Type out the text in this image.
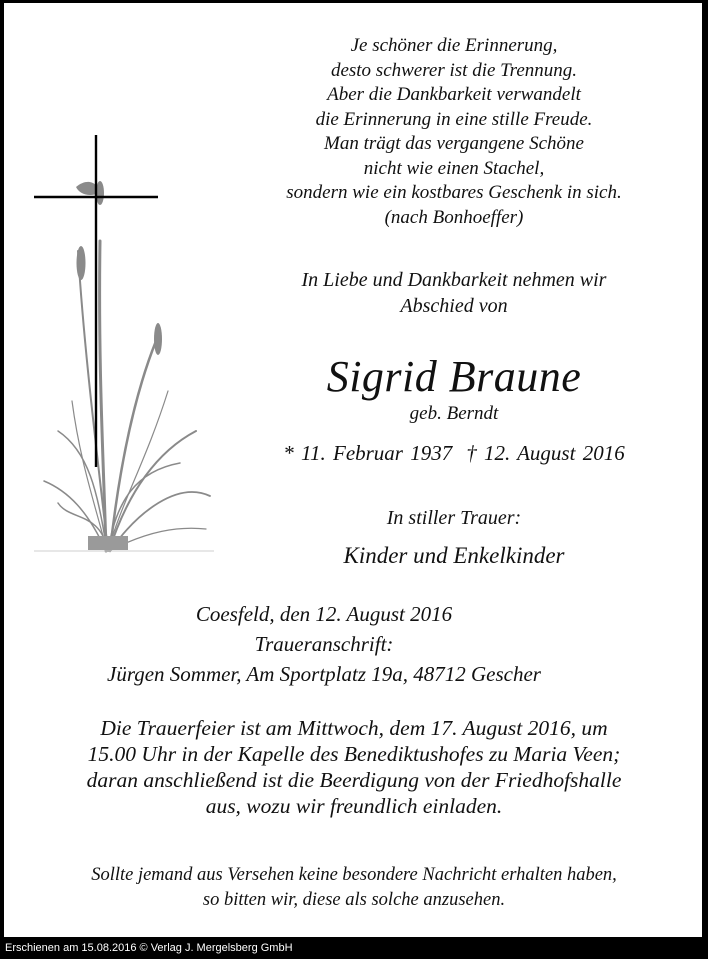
Je schöner die Erinnerung,
desto schwerer ist die Trennung.
Aber die Dankbarkeit verwandelt
die Erinnerung in eine stille Freude.
Man trägt das vergangene Schöne
nicht wie einen Stachel,
sondern wie ein kostbares Geschenk in sich.
(nach Bonhoeffer)
In Liebe und Dankbarkeit nehmen wir
Abschied von
Sigrid Braune
geb. Berndt
* 11. Februar 1937 † 12. August 2016
In stiller Trauer:
Kinder und Enkelkinder
Coesfeld, den 12. August 2016
Traueranschrift:
Jürgen Sommer, Am Sportplatz 19a, 48712 Gescher
Die Trauerfeier ist am Mittwoch, dem 17. August 2016, um
15.00 Uhr in der Kapelle des Benediktushofes zu Maria Veen;
daran anschließend ist die Beerdigung von der Friedhofshalle
aus, wozu wir freundlich einladen.
Sollte jemand aus Versehen keine besondere Nachricht erhalten haben,
so bitten wir, diese als solche anzusehen.
Erschienen am 15.08.2016 © Verlag J. Mergelsberg GmbH
